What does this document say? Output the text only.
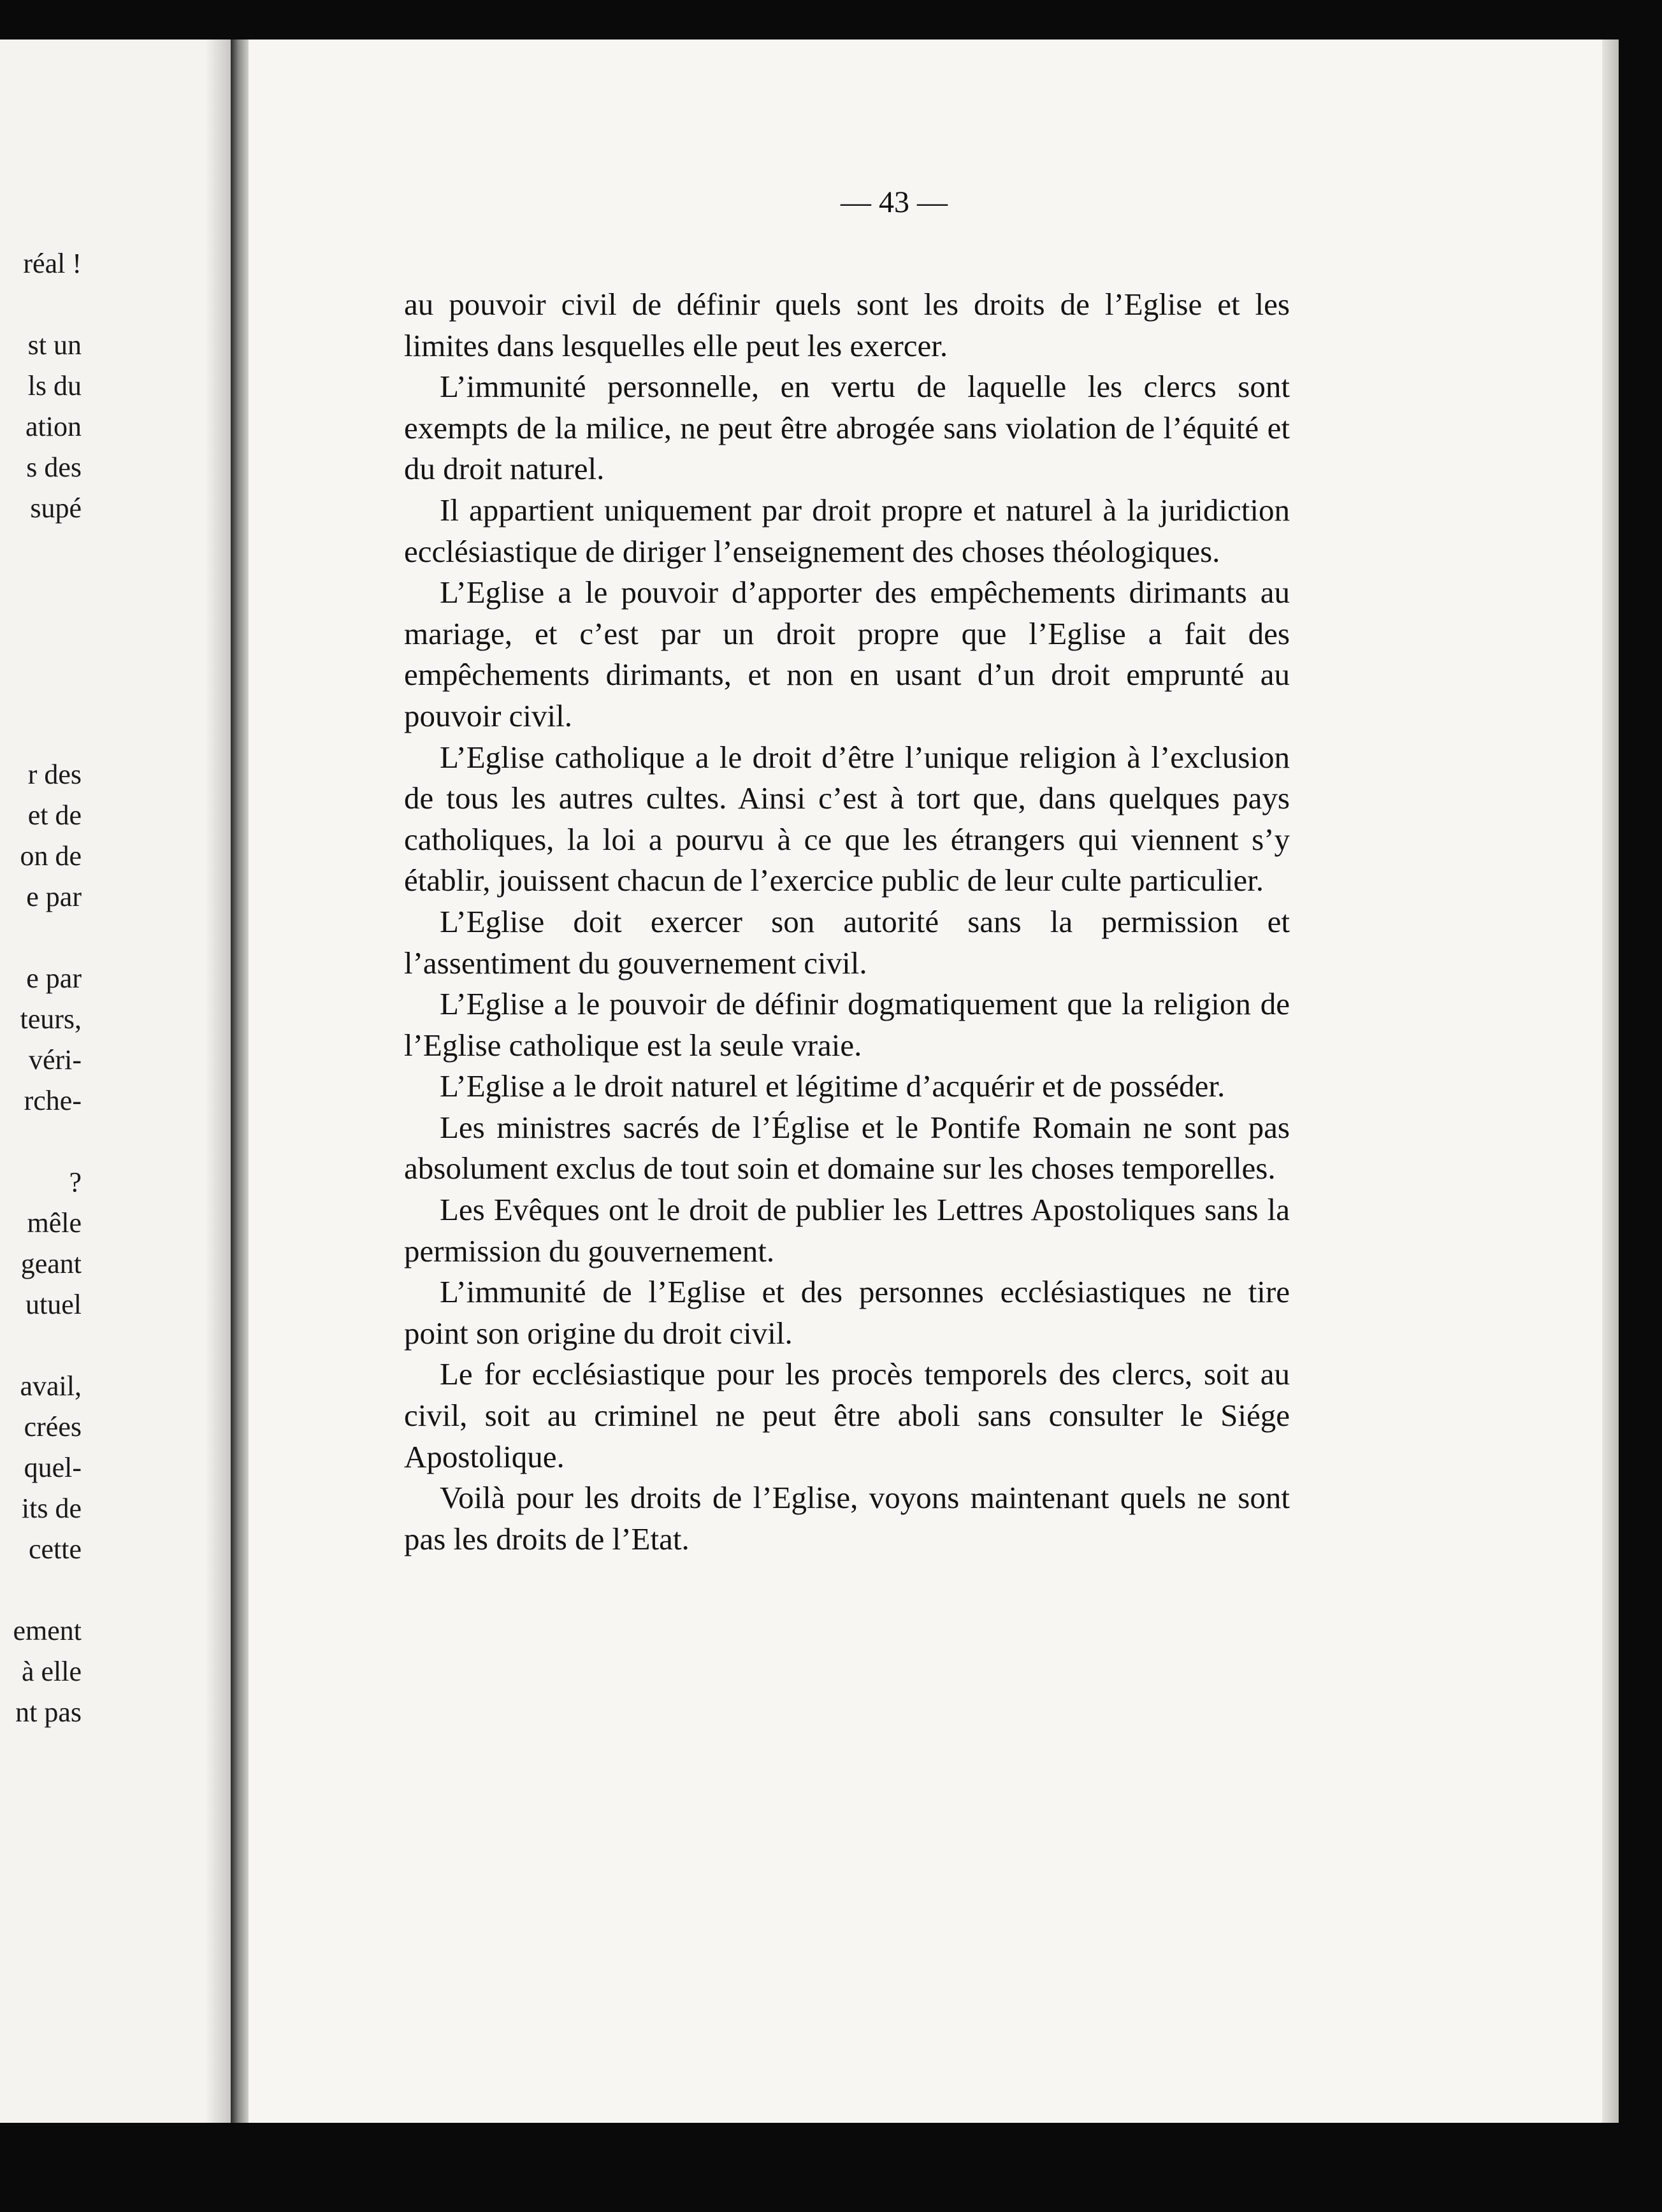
réal !
st un
ls du
ation
s des
supé
r des
et de
on de
e par
e par
teurs,
véri-
rche-
?
mêle
geant
utuel
avail,
crées
quel-
its de
cette
ement
à elle
nt pas
— 43 —

au pouvoir civil de définir quels sont les droits de l’Eglise et les limites dans lesquelles elle peut les exercer.

L’immunité personnelle, en vertu de laquelle les clercs sont exempts de la milice, ne peut être abrogée sans violation de l’équité et du droit naturel.

Il appartient uniquement par droit propre et naturel à la juridiction ecclésiastique de diriger l’enseignement des choses théologiques.

L’Eglise a le pouvoir d’apporter des empêchements dirimants au mariage, et c’est par un droit propre que l’Eglise a fait des empêchements dirimants, et non en usant d’un droit emprunté au pouvoir civil.

L’Eglise catholique a le droit d’être l’unique religion à l’exclusion de tous les autres cultes. Ainsi c’est à tort que, dans quelques pays catholiques, la loi a pourvu à ce que les étrangers qui viennent s’y établir, jouissent chacun de l’exercice public de leur culte particulier.

L’Eglise doit exercer son autorité sans la permission et l’assentiment du gouvernement civil.

L’Eglise a le pouvoir de définir dogmatiquement que la religion de l’Eglise catholique est la seule vraie.

L’Eglise a le droit naturel et légitime d’acquérir et de posséder.

Les ministres sacrés de l’Église et le Pontife Romain ne sont pas absolument exclus de tout soin et domaine sur les choses temporelles.

Les Evêques ont le droit de publier les Lettres Apostoliques sans la permission du gouvernement.

L’immunité de l’Eglise et des personnes ecclésiastiques ne tire point son origine du droit civil.

Le for ecclésiastique pour les procès temporels des clercs, soit au civil, soit au criminel ne peut être aboli sans consulter le Siége Apostolique.

Voilà pour les droits de l’Eglise, voyons maintenant quels ne sont pas les droits de l’Etat.
